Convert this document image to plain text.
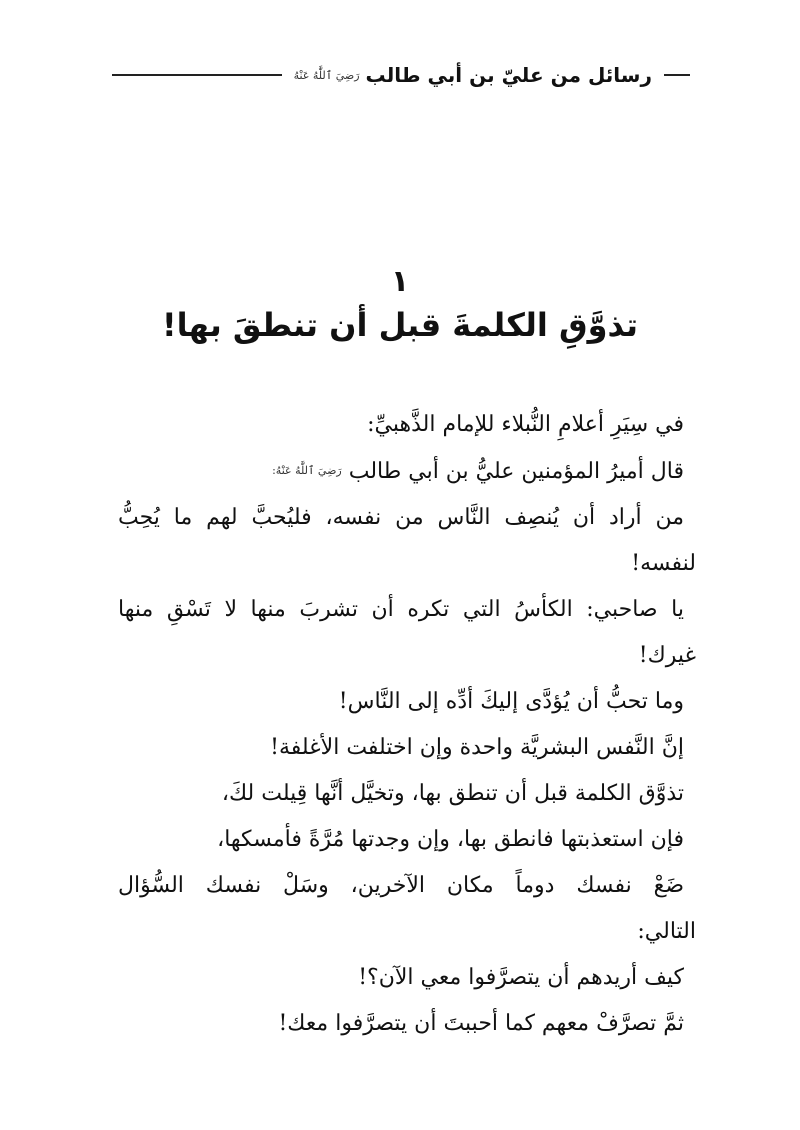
رسائل من عليّ بن أبي طالب
رَضِيَ ٱللَّٰهُ عَنْهُ
١
تذوَّقِ الكلمةَ قبل أن تنطقَ بها!
في سِيَرِ أعلامِ النُّبلاء للإمام الذَّهبيِّ:
قال أميرُ المؤمنين عليُّ بن أبي طالب رَضِيَ ٱللَّٰهُ عَنْهُ:
من أراد أن يُنصِف النَّاس من نفسه، فليُحبَّ لهم ما يُحِبُّ
لنفسه!
يا صاحبي: الكأسُ التي تكره أن تشربَ منها لا تَسْقِ منها
غيرك!
وما تحبُّ أن يُؤدَّى إليكَ أدِّه إلى النَّاس!
إنَّ النَّفس البشريَّة واحدة وإن اختلفت الأغلفة!
تذوَّق الكلمة قبل أن تنطق بها، وتخيَّل أنَّها قِيلت لكَ،
فإن استعذبتها فانطق بها، وإن وجدتها مُرَّةً فأمسكها،
ضَعْ نفسك دوماً مكان الآخرين، وسَلْ نفسك السُّؤال
التالي:
كيف أريدهم أن يتصرَّفوا معي الآن؟!
ثمَّ تصرَّفْ معهم كما أحببتَ أن يتصرَّفوا معك!
